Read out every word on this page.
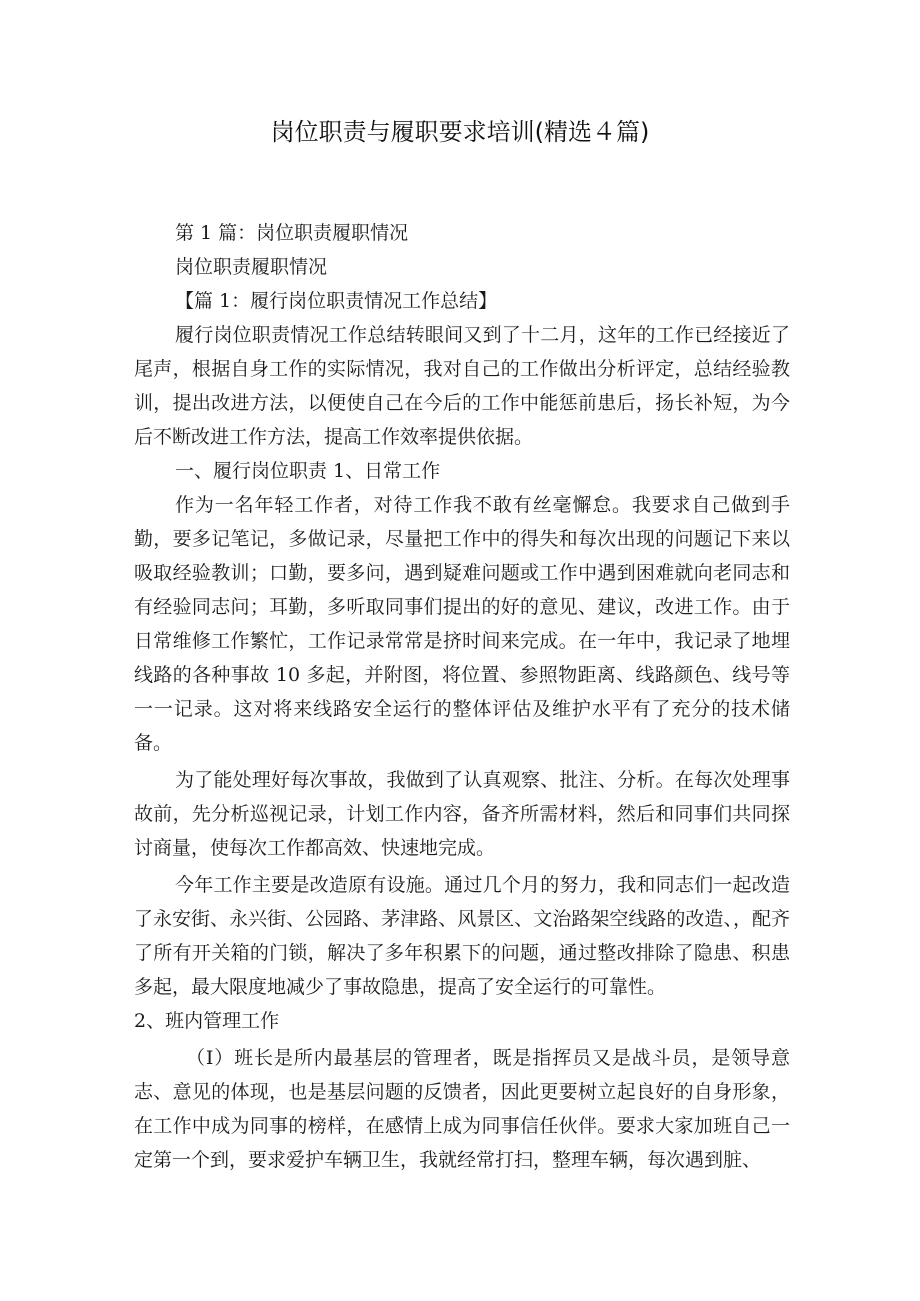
岗位职责与履职要求培训(精选４篇)

第 1 篇：岗位职责履职情况

岗位职责履职情况

【篇 1：履行岗位职责情况工作总结】

履行岗位职责情况工作总结转眼间又到了十二月，这年的工作已经接近了尾声，根据自身工作的实际情况，我对自己的工作做出分析评定，总结经验教训，提出改进方法，以便使自己在今后的工作中能惩前患后，扬长补短，为今后不断改进工作方法，提高工作效率提供依据。

一、履行岗位职责 1、日常工作

作为一名年轻工作者，对待工作我不敢有丝毫懈怠。我要求自己做到手勤，要多记笔记，多做记录，尽量把工作中的得失和每次出现的问题记下来以吸取经验教训；口勤，要多问，遇到疑难问题或工作中遇到困难就向老同志和有经验同志问；耳勤，多听取同事们提出的好的意见、建议，改进工作。由于日常维修工作繁忙，工作记录常常是挤时间来完成。在一年中，我记录了地埋线路的各种事故 10 多起，并附图，将位置、参照物距离、线路颜色、线号等一一记录。这对将来线路安全运行的整体评估及维护水平有了充分的技术储备。

为了能处理好每次事故，我做到了认真观察、批注、分析。在每次处理事故前，先分析巡视记录，计划工作内容，备齐所需材料，然后和同事们共同探讨商量，使每次工作都高效、快速地完成。

今年工作主要是改造原有设施。通过几个月的努力，我和同志们一起改造了永安街、永兴街、公园路、茅津路、风景区、文治路架空线路的改造、，配齐了所有开关箱的门锁，解决了多年积累下的问题，通过整改排除了隐患、积患多起，最大限度地减少了事故隐患，提高了安全运行的可靠性。

2、班内管理工作

（I）班长是所内最基层的管理者，既是指挥员又是战斗员，是领导意志、意见的体现，也是基层问题的反馈者，因此更要树立起良好的自身形象，在工作中成为同事的榜样，在感情上成为同事信任伙伴。要求大家加班自己一定第一个到，要求爱护车辆卫生，我就经常打扫，整理车辆，每次遇到脏、
